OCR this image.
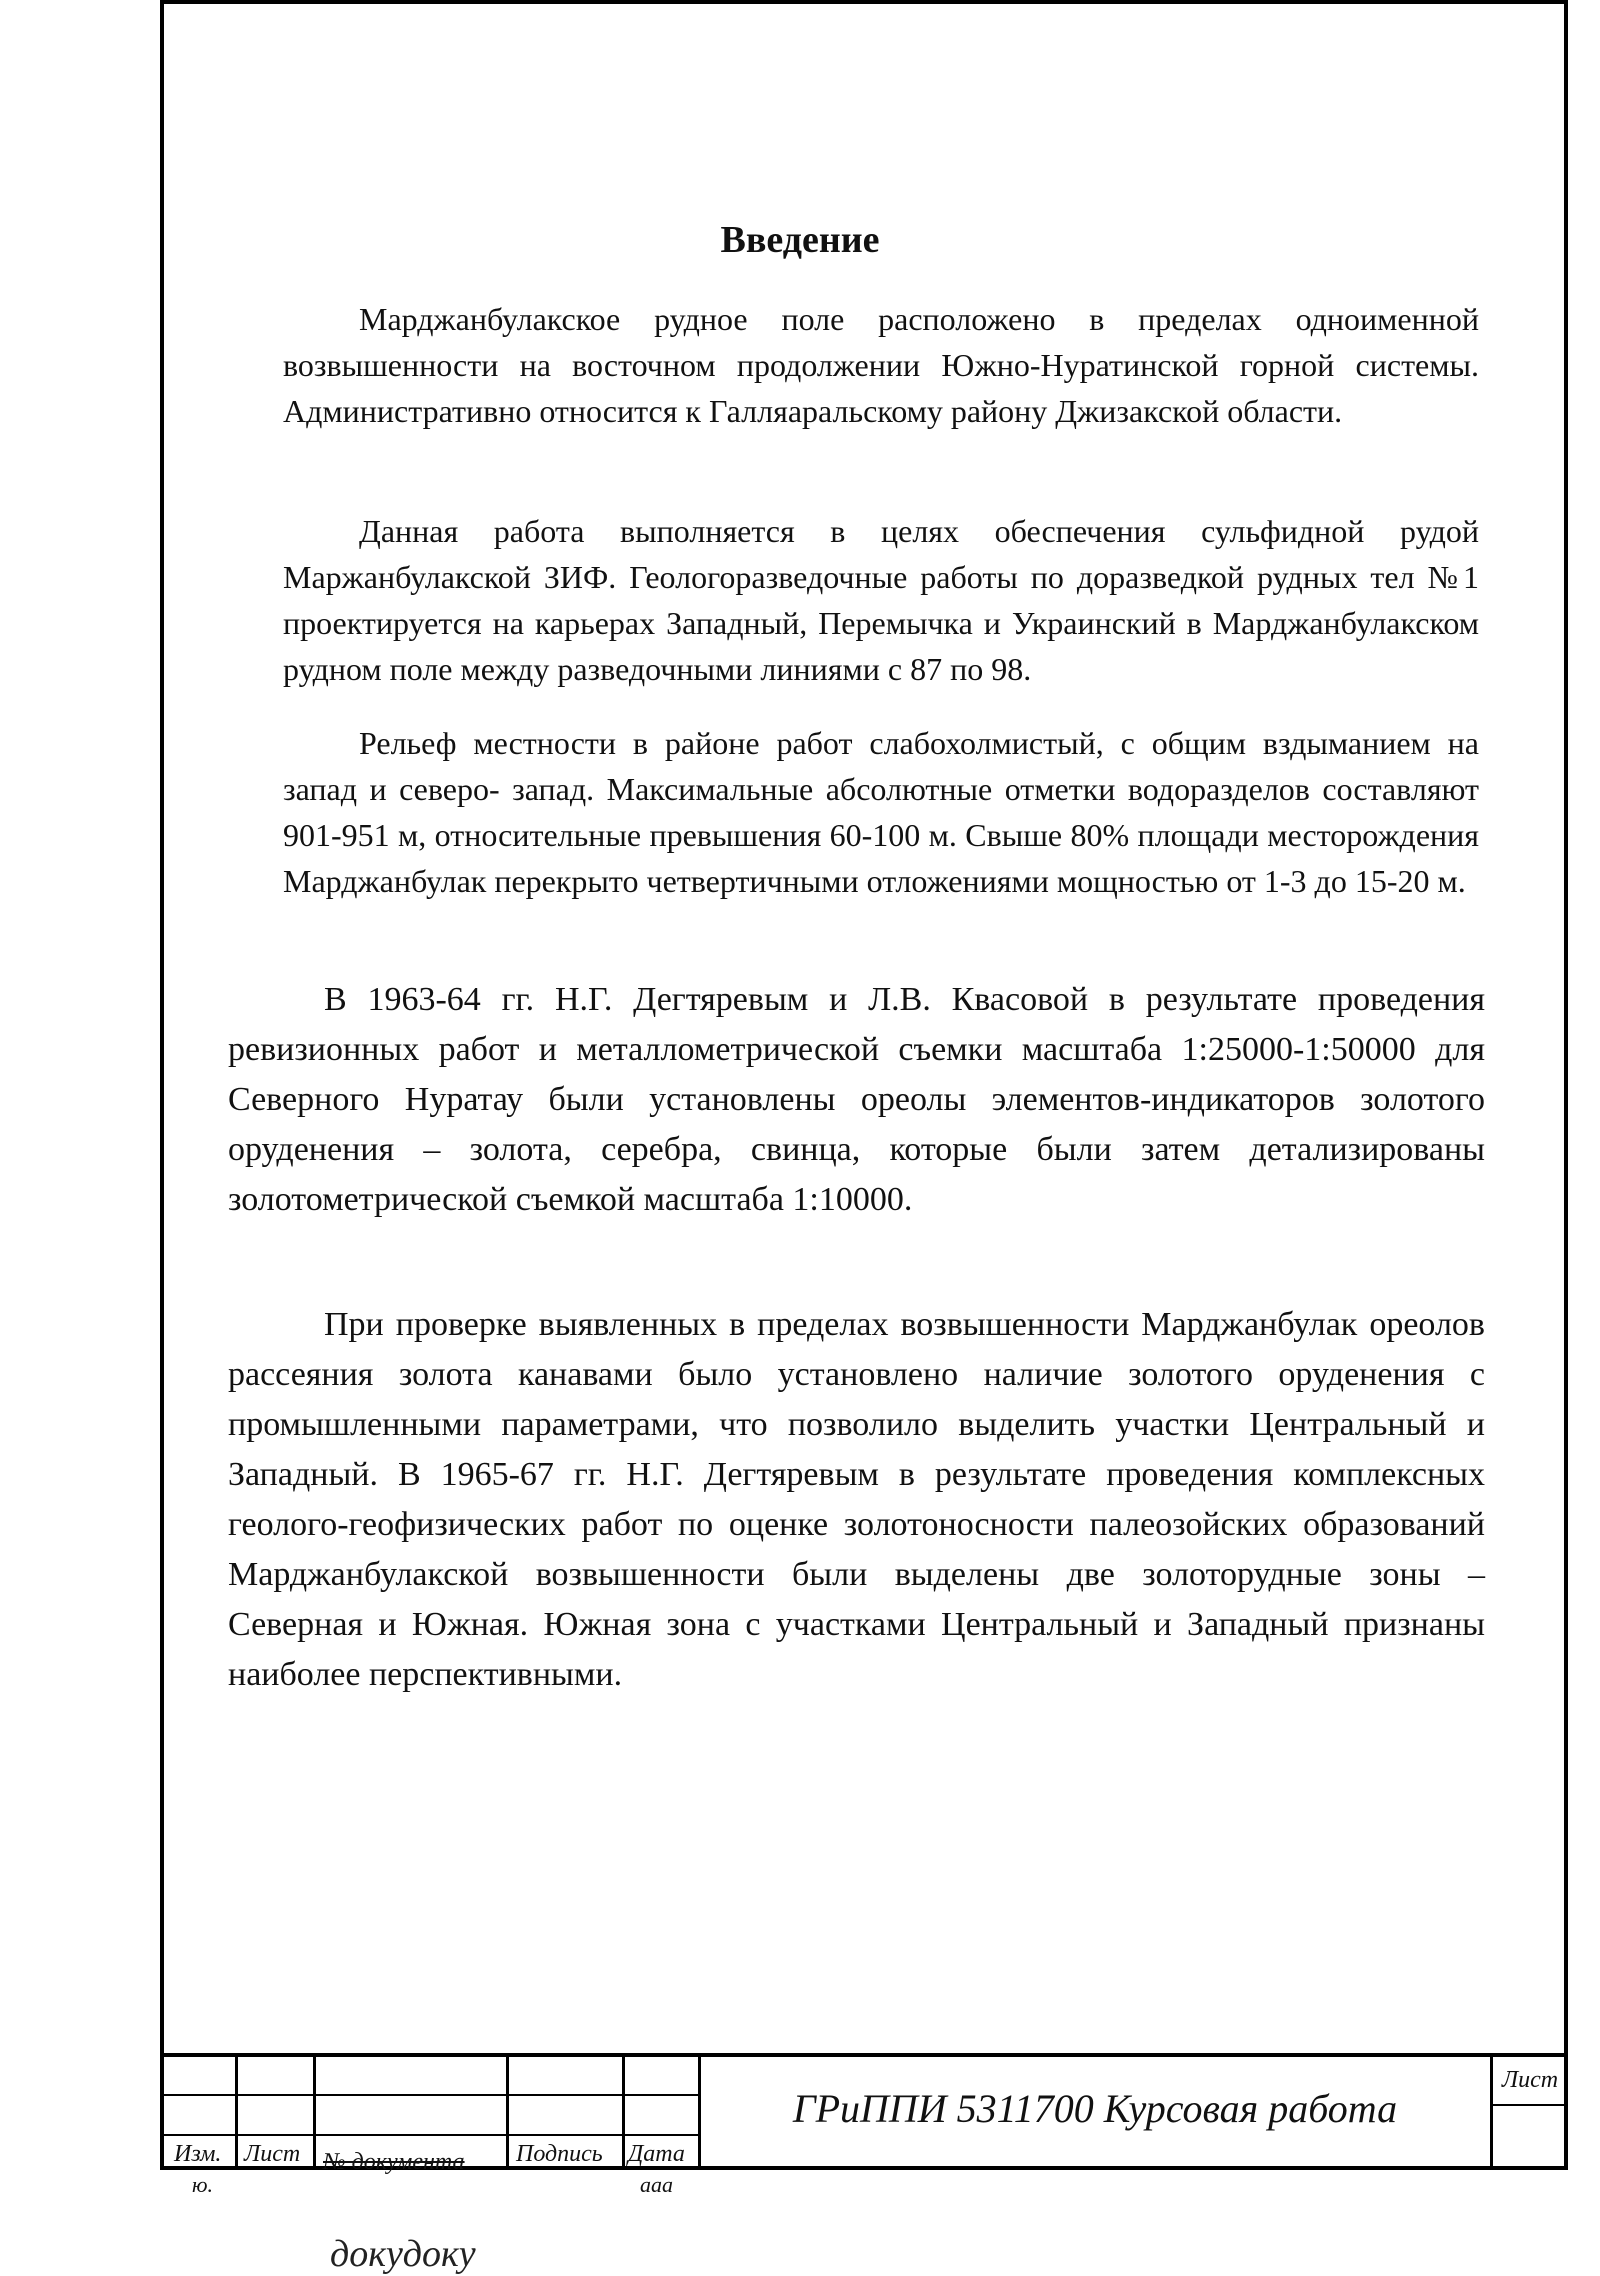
Введение

Марджанбулакское рудное поле расположено в пределах одноименной возвышенности на восточном продолжении Южно-Нуратинской горной системы. Административно относится к Галляаральскому району Джизакской области.

Данная работа выполняется в целях обеспечения сульфидной рудой Маржанбулакской ЗИФ. Геологоразведочные работы по доразведкой рудных тел №1 проектируется на карьерах Западный, Перемычка и Украинский в Марджанбулакском рудном поле между разведочными линиями с 87 по 98.

Рельеф местности в районе работ слабохолмистый, с общим вздыманием на запад и северо- запад. Максимальные абсолютные отметки водоразделов составляют 901-951 м, относительные превышения 60-100 м. Свыше 80% площади месторождения Марджанбулак перекрыто четвертичными отложениями мощностью от 1-3 до 15-20 м.

В 1963-64 гг. Н.Г. Дегтяревым и Л.В. Квасовой в результате проведения ревизионных работ и металлометрической съемки масштаба 1:25000-1:50000 для Северного Нуратау были установлены ореолы элементов-индикаторов золотого оруденения – золота, серебра, свинца, которые были затем детализированы золотометрической съемкой масштаба 1:10000.

При проверке выявленных в пределах возвышенности Марджанбулак ореолов рассеяния золота канавами было установлено наличие золотого оруденения с промышленными параметрами, что позволило выделить участки Центральный и Западный. В 1965-67 гг. Н.Г. Дегтяревым в результате проведения комплексных геолого-геофизических работ по оценке золотоносности палеозойских образований Марджанбулакской возвышенности были выделены две золоторудные зоны – Северная и Южная. Южная зона с участками Центральный и Западный признаны наиболее перспективными.

ГРиППИ 5311700 Курсовая работа
Лист
Изм. Лист № документа Подпись Дата
ю.	ааа
докудоку
